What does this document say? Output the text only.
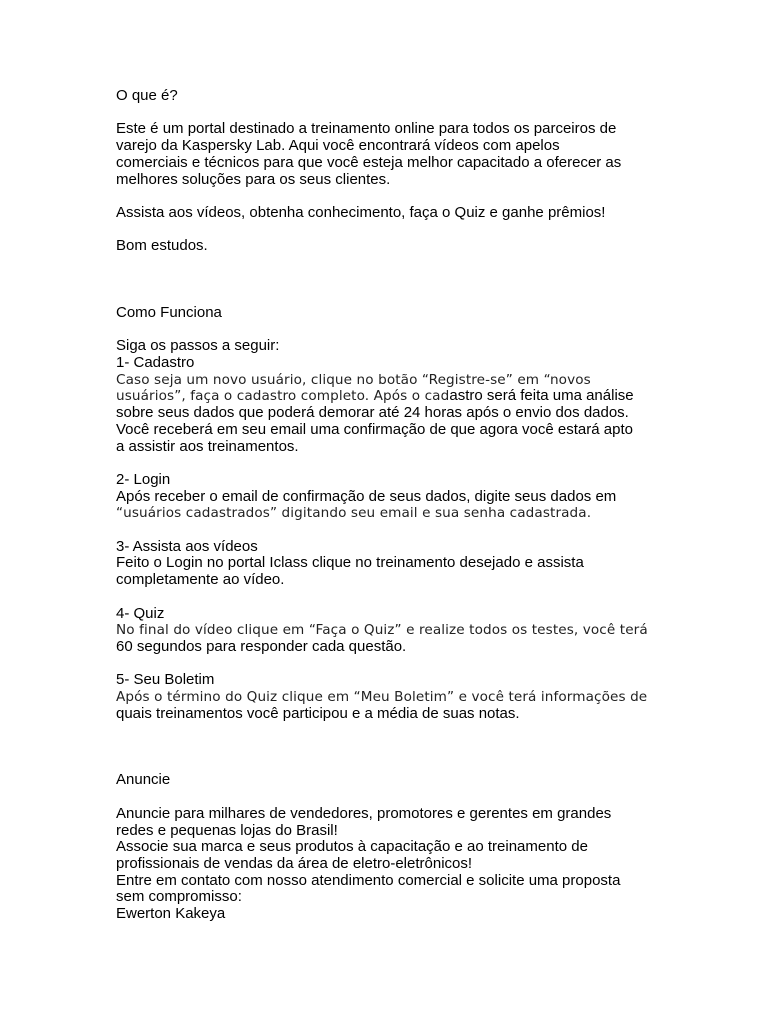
O que é?

Este é um portal destinado a treinamento online para todos os parceiros de
varejo da Kaspersky Lab. Aqui você encontrará vídeos com apelos
comerciais e técnicos para que você esteja melhor capacitado a oferecer as
melhores soluções para os seus clientes.

Assista aos vídeos, obtenha conhecimento, faça o Quiz e ganhe prêmios!

Bom estudos.

Como Funciona

Siga os passos a seguir:

1- Cadastro

Caso seja um novo usuário, clique no botão “Registre-se” em “novos
usuários”, faça o cadastro completo. Após o cadastro será feita uma análise
sobre seus dados que poderá demorar até 24 horas após o envio dos dados.
Você receberá em seu email uma confirmação de que agora você estará apto
a assistir aos treinamentos.

2- Login

Após receber o email de confirmação de seus dados, digite seus dados em
“usuários cadastrados” digitando seu email e sua senha cadastrada.

3- Assista aos vídeos

Feito o Login no portal Iclass clique no treinamento desejado e assista
completamente ao vídeo.

4- Quiz

No final do vídeo clique em “Faça o Quiz” e realize todos os testes, você terá
60 segundos para responder cada questão.

5- Seu Boletim

Após o término do Quiz clique em “Meu Boletim” e você terá informações de
quais treinamentos você participou e a média de suas notas.

Anuncie

Anuncie para milhares de vendedores, promotores e gerentes em grandes
redes e pequenas lojas do Brasil!
Associe sua marca e seus produtos à capacitação e ao treinamento de
profissionais de vendas da área de eletro-eletrônicos!
Entre em contato com nosso atendimento comercial e solicite uma proposta
sem compromisso:
Ewerton Kakeya
